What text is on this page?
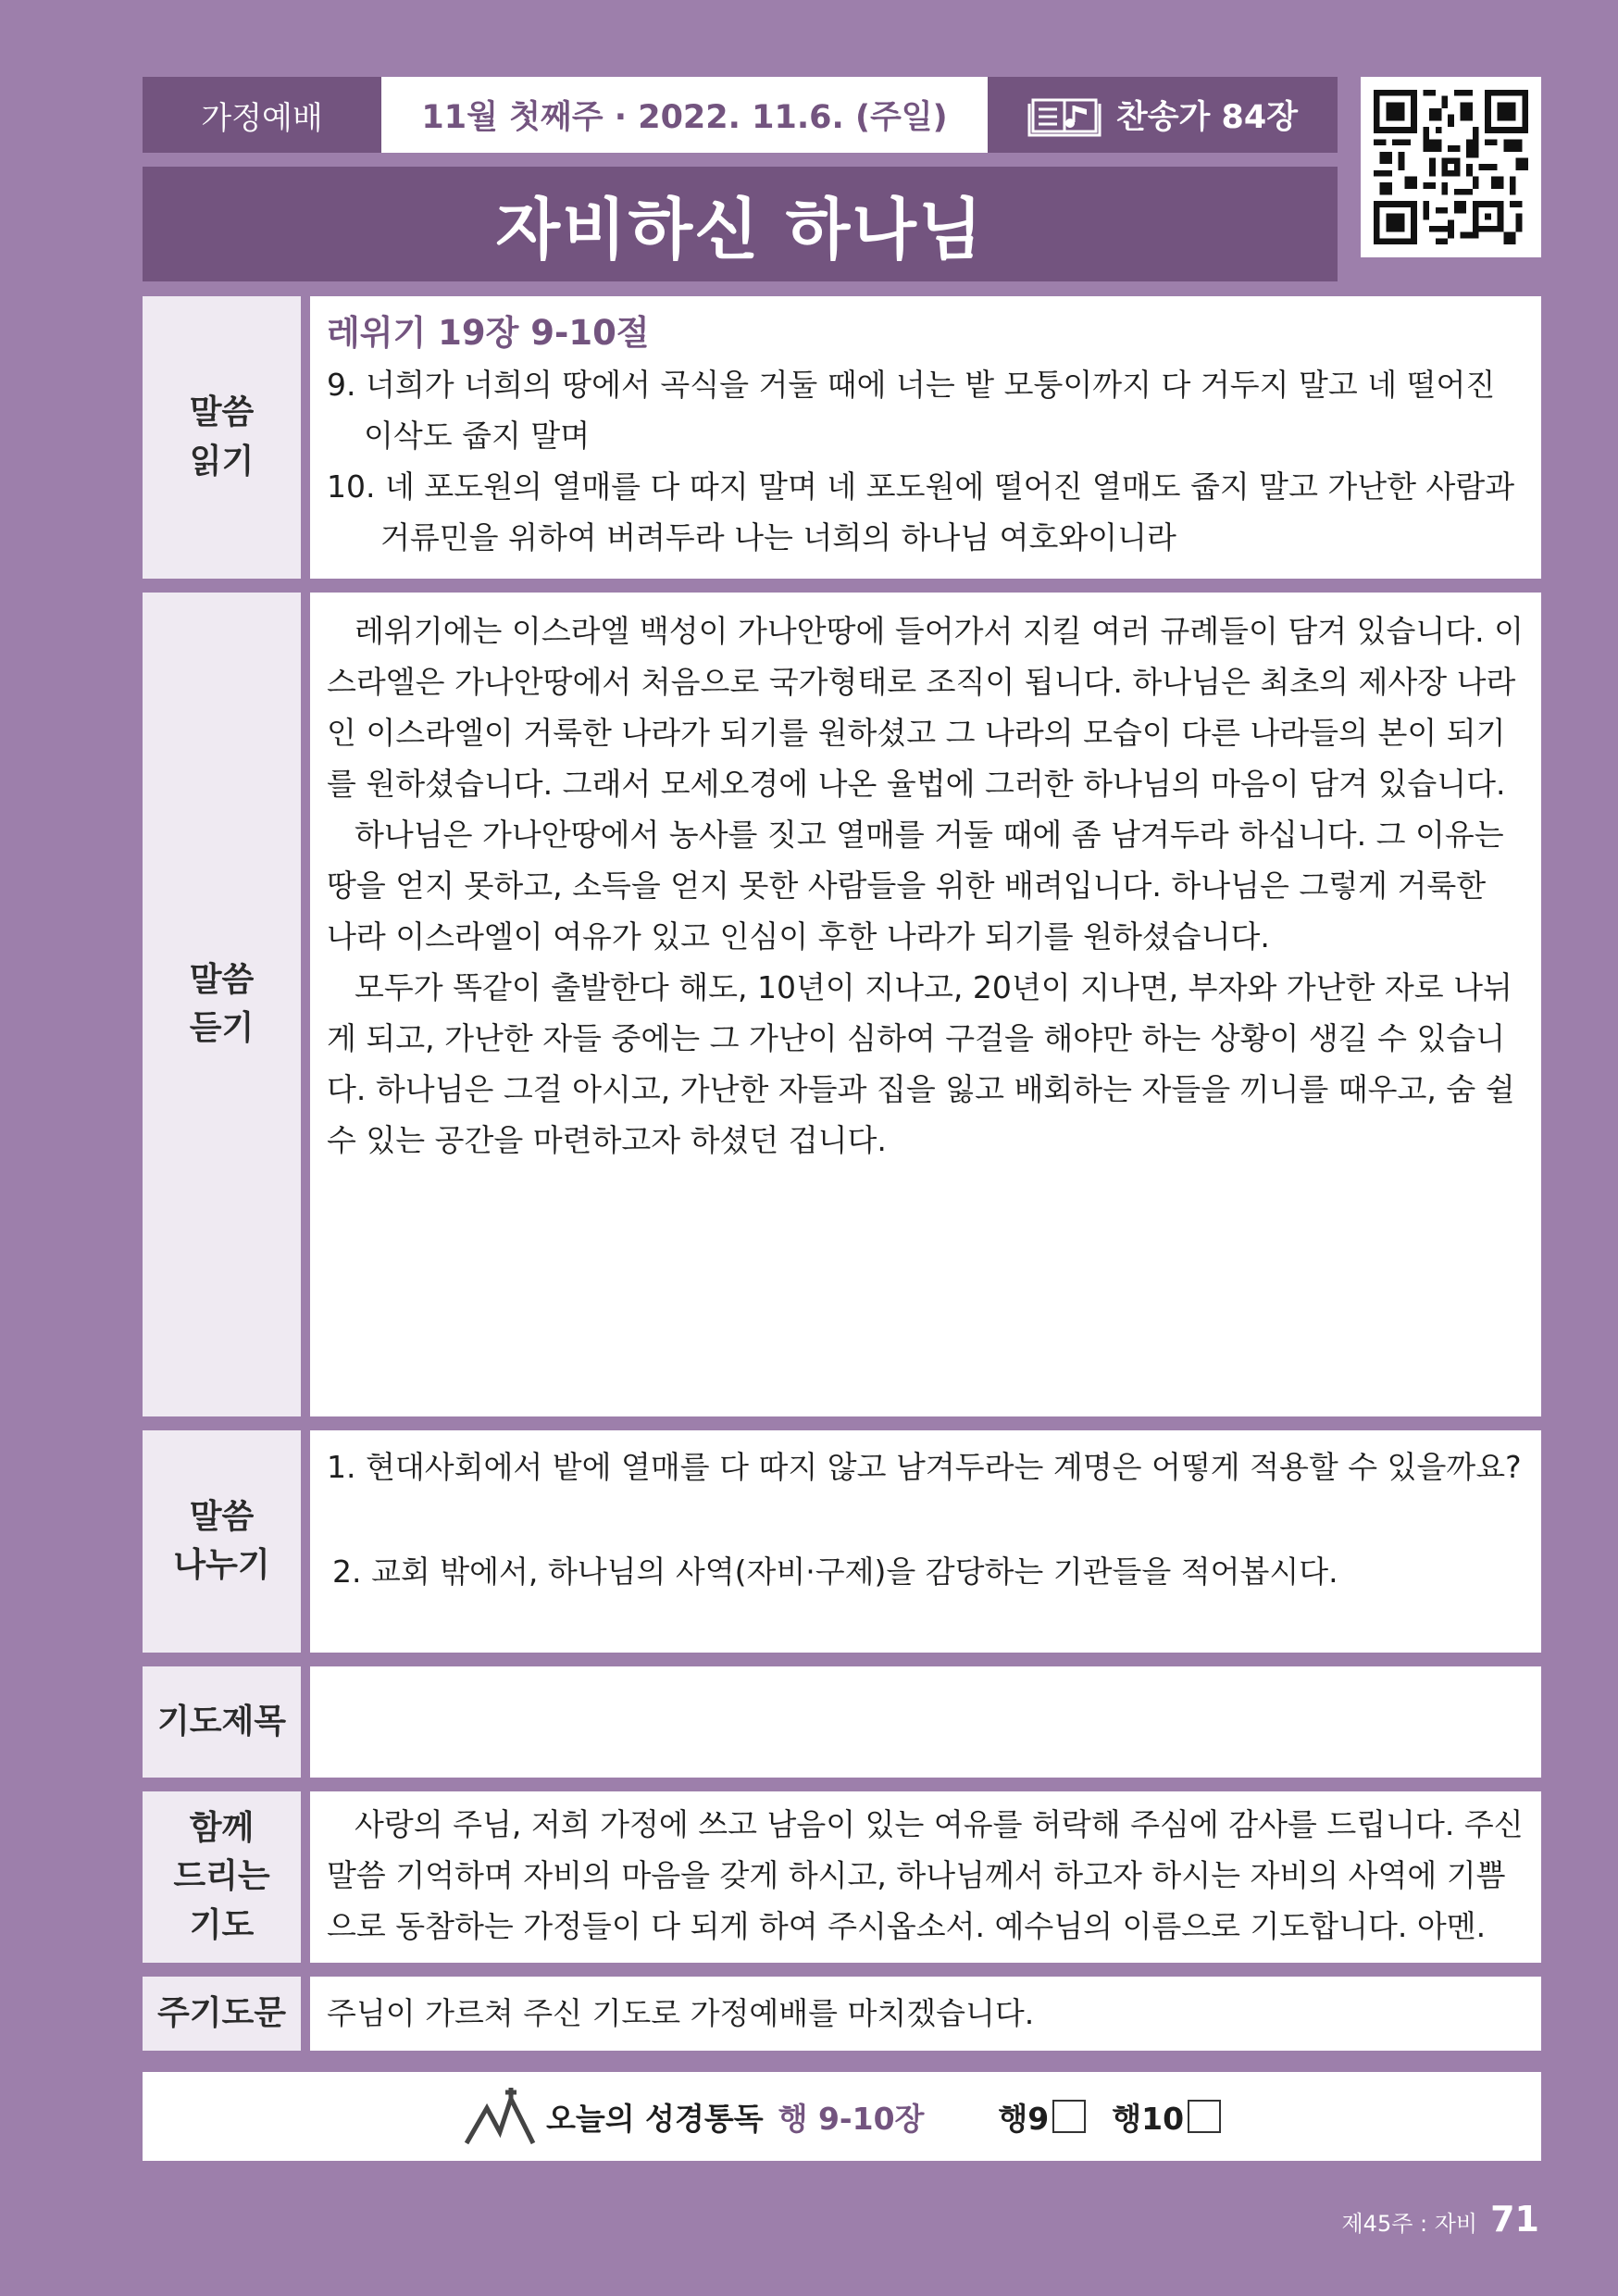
가정예배	11월 첫째주 · 2022. 11.6. (주일)	찬송가 84장
자비하신 하나님
말씀
읽기
레위기 19장 9-10절
9. 너희가 너희의 땅에서 곡식을 거둘 때에 너는 밭 모퉁이까지 다 거두지 말고 네 떨어진 이삭도 줍지 말며
10. 네 포도원의 열매를 다 따지 말며 네 포도원에 떨어진 열매도 줍지 말고 가난한 사람과 거류민을 위하여 버려두라 나는 너희의 하나님 여호와이니라
말씀
듣기

레위기에는 이스라엘 백성이 가나안땅에 들어가서 지킬 여러 규례들이 담겨 있습니다. 이스라엘은 가나안땅에서 처음으로 국가형태로 조직이 됩니다. 하나님은 최초의 제사장 나라인 이스라엘이 거룩한 나라가 되기를 원하셨고 그 나라의 모습이 다른 나라들의 본이 되기를 원하셨습니다. 그래서 모세오경에 나온 율법에 그러한 하나님의 마음이 담겨 있습니다.

하나님은 가나안땅에서 농사를 짓고 열매를 거둘 때에 좀 남겨두라 하십니다. 그 이유는 땅을 얻지 못하고, 소득을 얻지 못한 사람들을 위한 배려입니다. 하나님은 그렇게 거룩한 나라 이스라엘이 여유가 있고 인심이 후한 나라가 되기를 원하셨습니다.

모두가 똑같이 출발한다 해도, 10년이 지나고, 20년이 지나면, 부자와 가난한 자로 나뉘게 되고, 가난한 자들 중에는 그 가난이 심하여 구걸을 해야만 하는 상황이 생길 수 있습니다. 하나님은 그걸 아시고, 가난한 자들과 집을 잃고 배회하는 자들을 끼니를 때우고, 숨 쉴 수 있는 공간을 마련하고자 하셨던 겁니다.

말씀
나누기
1. 현대사회에서 밭에 열매를 다 따지 않고 남겨두라는 계명은 어떻게 적용할 수 있을까요?
2. 교회 밖에서, 하나님의 사역(자비·구제)을 감당하는 기관들을 적어봅시다.
기도제목
함께
드리는
기도

사랑의 주님, 저희 가정에 쓰고 남음이 있는 여유를 허락해 주심에 감사를 드립니다. 주신 말씀 기억하며 자비의 마음을 갖게 하시고, 하나님께서 하고자 하시는 자비의 사역에 기쁨으로 동참하는 가정들이 다 되게 하여 주시옵소서. 예수님의 이름으로 기도합니다. 아멘.

주기도문 주님이 가르쳐 주신 기도로 가정예배를 마치겠습니다.
오늘의 성경통독 행 9-10장 행9 행10
제45주 : 자비 71
